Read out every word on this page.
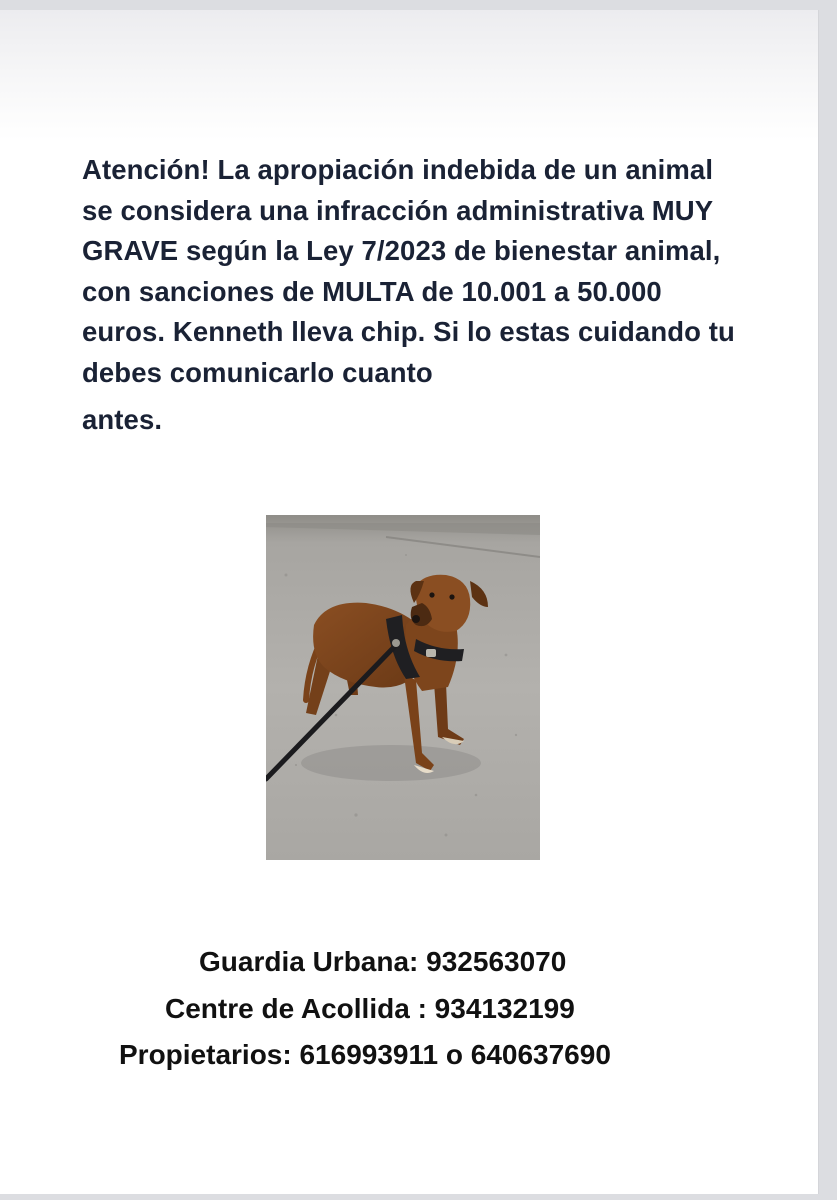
Atención! La apropiación indebida de un animal se considera una infracción administrativa MUY GRAVE según la Ley 7/2023 de bienestar animal, con sanciones de MULTA de 10.001 a 50.000 euros. Kenneth lleva chip. Si lo estas cuidando tu debes comunicarlo cuanto
antes.

Guardia Urbana: 932563070
Centre de Acollida : 934132199
Propietarios: 616993911 o 640637690
